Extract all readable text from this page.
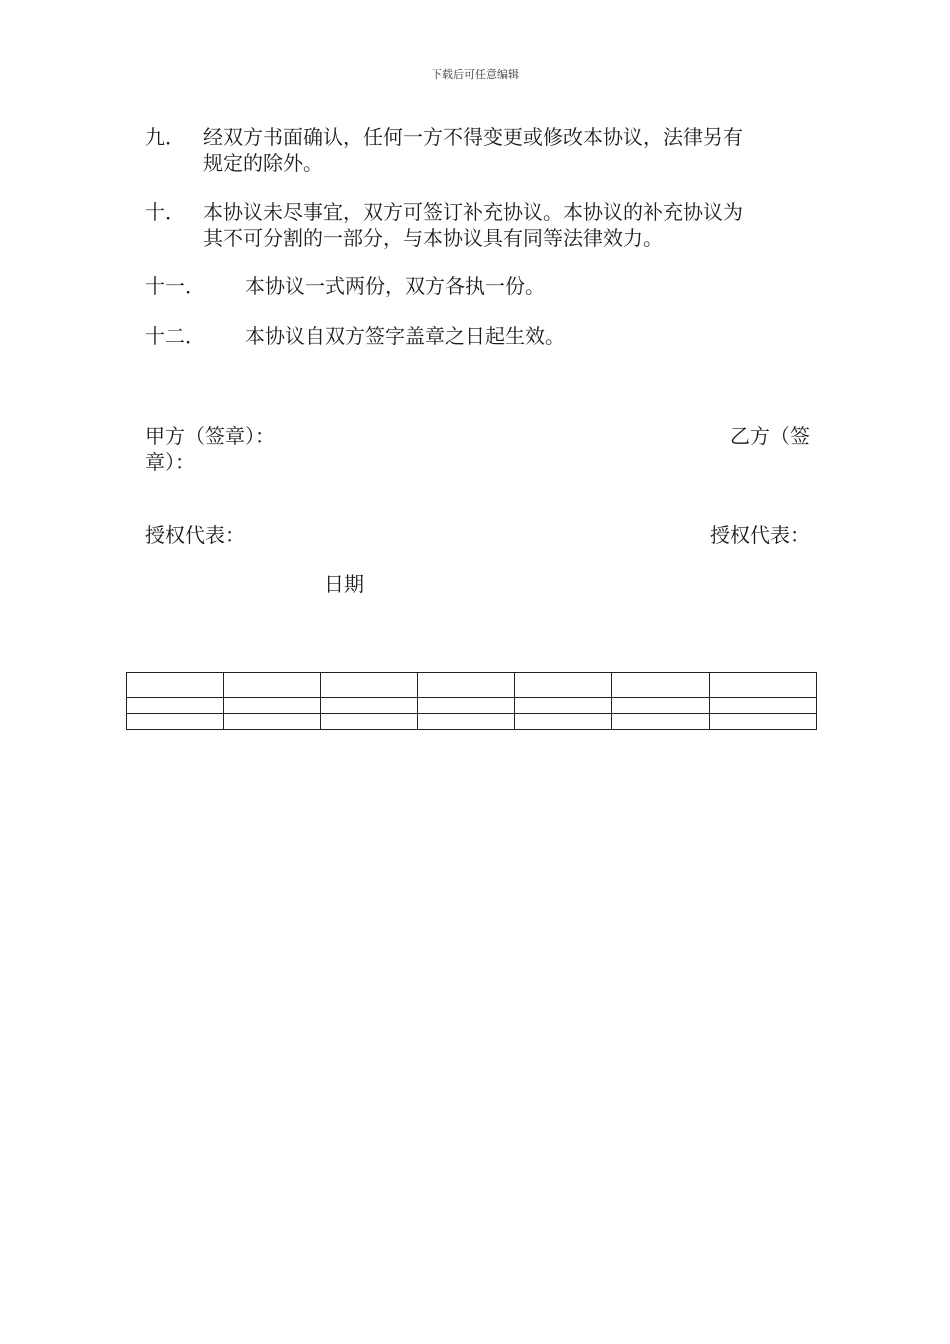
下载后可任意编辑
九． 经双方书面确认，任何一方不得变更或修改本协议，法律另有
规定的除外。
十． 本协议未尽事宜，双方可签订补充协议。本协议的补充协议为
其不可分割的一部分，与本协议具有同等法律效力。
十一．	本协议一式两份，双方各执一份。
十二．	本协议自双方签字盖章之日起生效。
甲方（签章）：	乙方（签
章）：
授权代表：	授权代表：
日期
